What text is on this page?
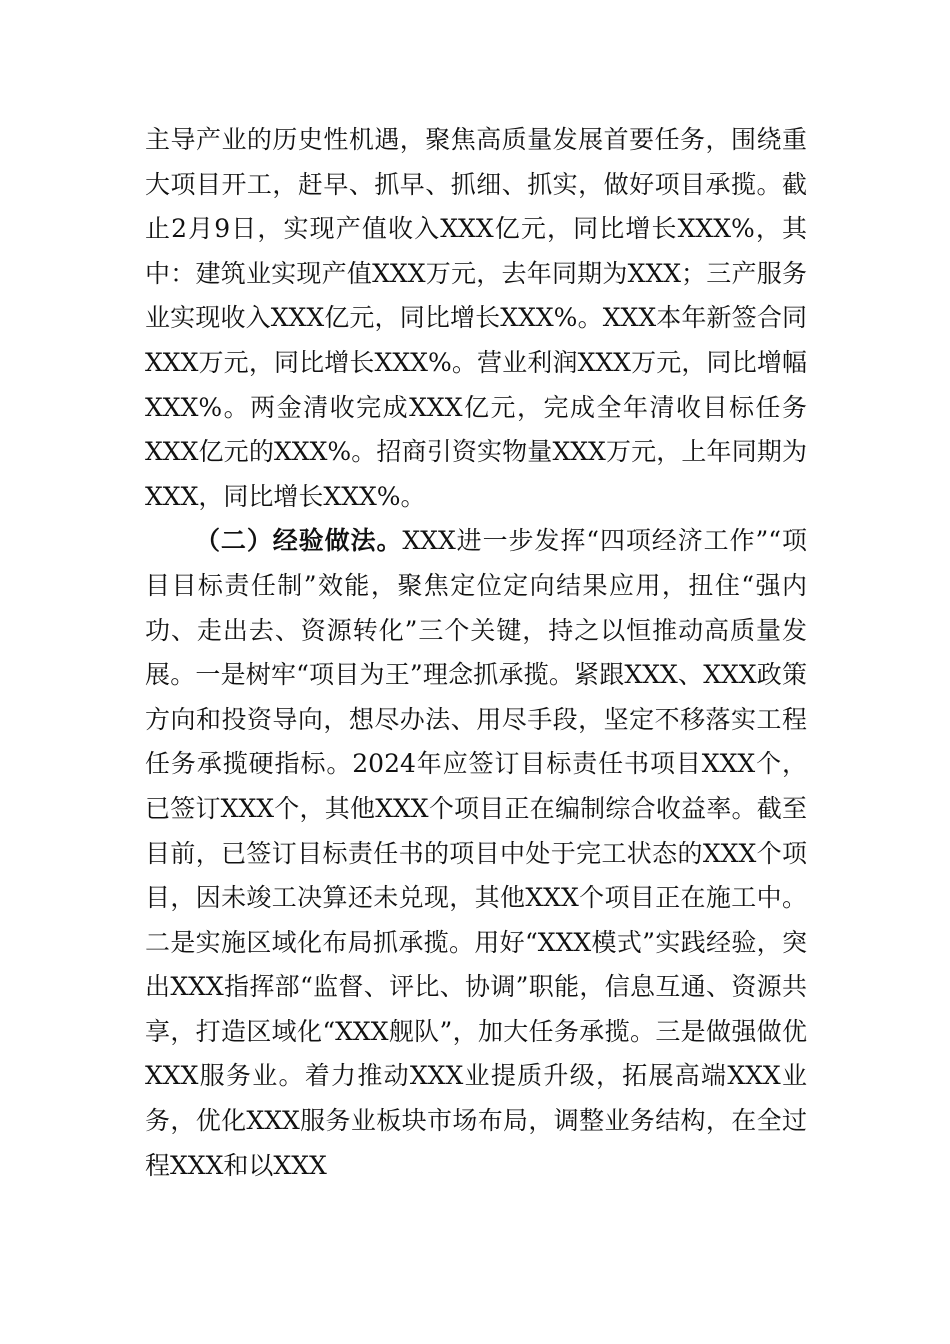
主导产业的历史性机遇，聚焦高质量发展首要任务，围绕重大项目开工，赶早、抓早、抓细、抓实，做好项目承揽。截止2月9日，实现产值收入XXX亿元，同比增长XXX%，其中：建筑业实现产值XXX万元，去年同期为XXX；三产服务业实现收入XXX亿元，同比增长XXX%。XXX本年新签合同XXX万元，同比增长XXX%。营业利润XXX万元，同比增幅XXX%。两金清收完成XXX亿元，完成全年清收目标任务XXX亿元的XXX%。招商引资实物量XXX万元，上年同期为XXX，同比增长XXX%。

（二）经验做法。XXX进一步发挥“四项经济工作”“项目目标责任制”效能，聚焦定位定向结果应用，扭住“强内功、走出去、资源转化”三个关键，持之以恒推动高质量发展。一是树牢“项目为王”理念抓承揽。紧跟XXX、XXX政策方向和投资导向，想尽办法、用尽手段，坚定不移落实工程任务承揽硬指标。2024年应签订目标责任书项目XXX个，已签订XXX个，其他XXX个项目正在编制综合收益率。截至目前，已签订目标责任书的项目中处于完工状态的XXX个项目，因未竣工决算还未兑现，其他XXX个项目正在施工中。二是实施区域化布局抓承揽。用好“XXX模式”实践经验，突出XXX指挥部“监督、评比、协调”职能，信息互通、资源共享，打造区域化“XXX舰队”，加大任务承揽。三是做强做优XXX服务业。着力推动XXX业提质升级，拓展高端XXX业务，优化XXX服务业板块市场布局，调整业务结构，在全过程XXX和以XXX
